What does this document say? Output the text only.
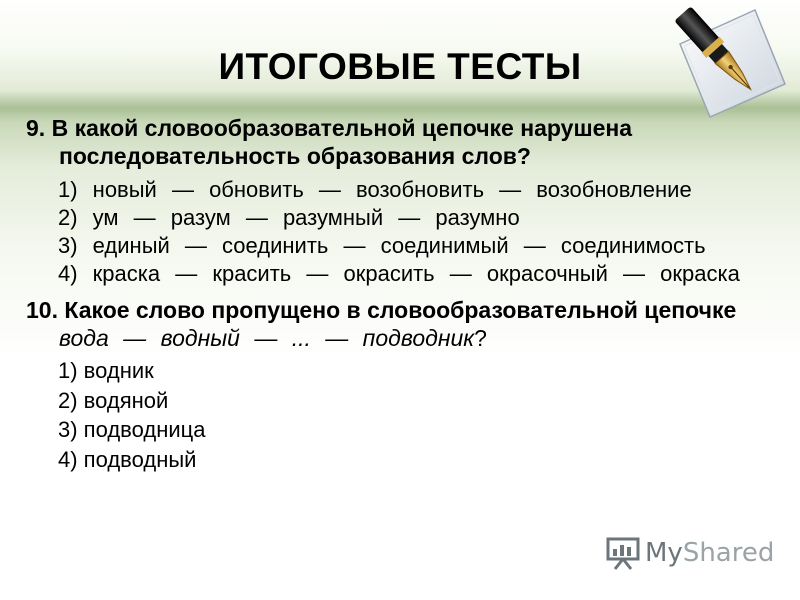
ИТОГОВЫЕ ТЕСТЫ
9. В какой словообразовательной цепочке нарушена последовательность образования слов?
1) новый — обновить — возобновить — возобновление
2) ум — разум — разумный — разумно
3) единый — соединить — соединимый — соединимость
4) краска — красить — окрасить — окрасочный — окраска
10. Какое слово пропущено в словообразовательной цепочке вода — водный — ... — подводник?
1) водник
2) водяной
3) подводница
4) подводный
MyShared
